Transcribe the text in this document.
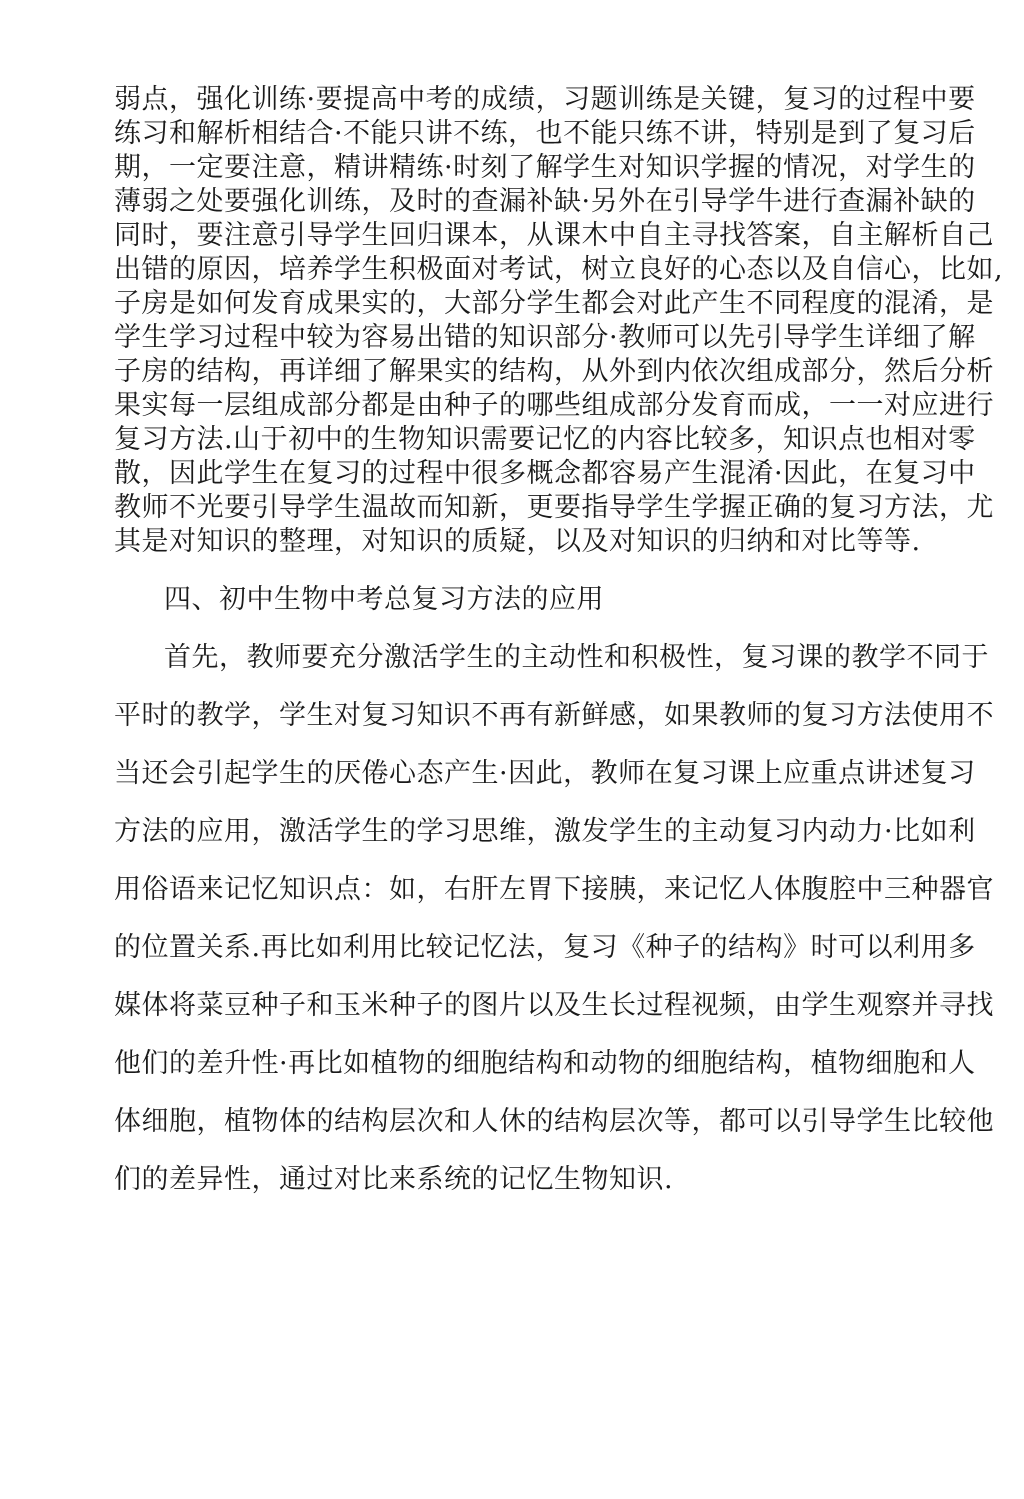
弱点，强化训练·要提高中考的成绩，习题训练是关键，复习的过程中要
练习和解析相结合·不能只讲不练，也不能只练不讲，特别是到了复习后
期，一定要注意，精讲精练·时刻了解学生对知识学握的情况，对学生的
薄弱之处要强化训练，及时的查漏补缺·另外在引导学牛进行查漏补缺的
同时，要注意引导学生回归课本，从课木中自主寻找答案，自主解析自己
出错的原因，培养学生积极面对考试，树立良好的心态以及自信心，比如,
子房是如何发育成果实的，大部分学生都会对此产生不同程度的混淆，是
学生学习过程中较为容易出错的知识部分·教师可以先引导学生详细了解
子房的结构，再详细了解果实的结构，从外到内依次组成部分，然后分析
果实每一层组成部分都是由种子的哪些组成部分发育而成，一一对应进行
复习方法.山于初中的生物知识需要记忆的内容比较多，知识点也相对零
散，因此学生在复习的过程中很多概念都容易产生混淆·因此，在复习中
教师不光要引导学生温故而知新，更要指导学生学握正确的复习方法，尤
其是对知识的整理，对知识的质疑，以及对知识的归纳和对比等等.
四、初中生物中考总复习方法的应用
首先，教师要充分激活学生的主动性和积极性，复习课的教学不同于
平时的教学，学生对复习知识不再有新鲜感，如果教师的复习方法使用不
当还会引起学生的厌倦心态产生·因此，教师在复习课上应重点讲述复习
方法的应用，激活学生的学习思维，激发学生的主动复习内动力·比如利
用俗语来记忆知识点：如，右肝左胃下接胰，来记忆人体腹腔中三种器官
的位置关系.再比如利用比较记忆法，复习《种子的结构》时可以利用多
媒体将菜豆种子和玉米种子的图片以及生长过程视频，由学生观察并寻找
他们的差升性·再比如植物的细胞结构和动物的细胞结构，植物细胞和人
体细胞，植物体的结构层次和人休的结构层次等，都可以引导学生比较他
们的差异性，通过对比来系统的记忆生物知识.
